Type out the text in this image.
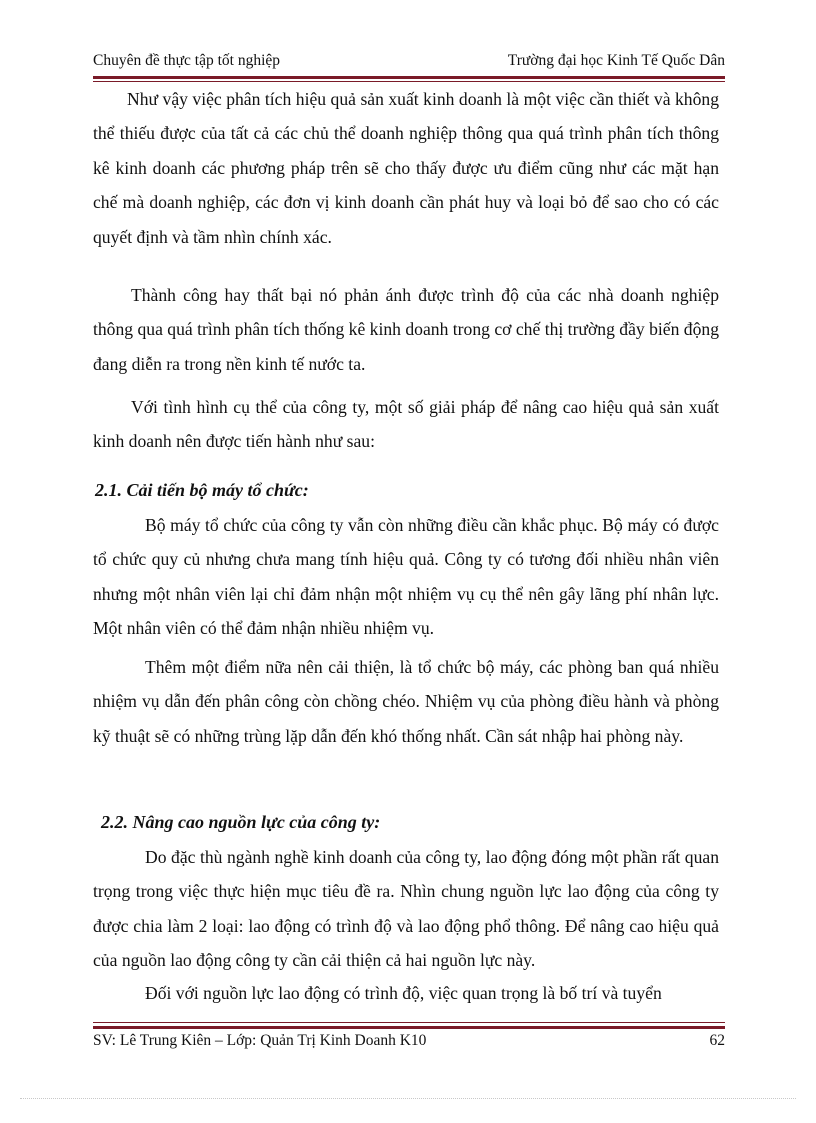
Chuyên đề thực tập tốt nghiệp	Trường đại học Kinh Tế Quốc Dân

Như vậy việc phân tích hiệu quả sản xuất kinh doanh là một việc cần thiết và không thể thiếu được của tất cả các chủ thể doanh nghiệp thông qua quá trình phân tích thông kê kinh doanh các phương pháp trên sẽ cho thấy được ưu điểm cũng như các mặt hạn chế mà doanh nghiệp, các đơn vị kinh doanh cần phát huy và loại bỏ để sao cho có các quyết định và tầm nhìn chính xác.

Thành công hay thất bại nó phản ánh được trình độ của các nhà doanh nghiệp thông qua quá trình phân tích thống kê kinh doanh trong cơ chế thị trường đầy biến động đang diễn ra trong nền kinh tế nước ta.

Với tình hình cụ thể của công ty, một số giải pháp để nâng cao hiệu quả sản xuất kinh doanh nên được tiến hành như sau:

2.1. Cải tiến bộ máy tổ chức:

Bộ máy tổ chức của công ty vẫn còn những điều cần khắc phục. Bộ máy có được tổ chức quy củ nhưng chưa mang tính hiệu quả. Công ty có tương đối nhiều nhân viên nhưng một nhân viên lại chỉ đảm nhận một nhiệm vụ cụ thể nên gây lãng phí nhân lực. Một nhân viên có thể đảm nhận nhiều nhiệm vụ.

Thêm một điểm nữa nên cải thiện, là tổ chức bộ máy, các phòng ban quá nhiều nhiệm vụ dẫn đến phân công còn chồng chéo. Nhiệm vụ của phòng điều hành và phòng kỹ thuật sẽ có những trùng lặp dẫn đến khó thống nhất. Cần sát nhập hai phòng này.

2.2. Nâng cao nguồn lực của công ty:

Do đặc thù ngành nghề kinh doanh của công ty, lao động đóng một phần rất quan trọng trong việc thực hiện mục tiêu đề ra. Nhìn chung nguồn lực lao động của công ty được chia làm 2 loại: lao động có trình độ và lao động phổ thông. Để nâng cao hiệu quả của nguồn lao động công ty cần cải thiện cả hai nguồn lực này.

Đối với nguồn lực lao động có trình độ, việc quan trọng là bố trí và tuyển

SV: Lê Trung Kiên – Lớp: Quản Trị Kinh Doanh K10	62
